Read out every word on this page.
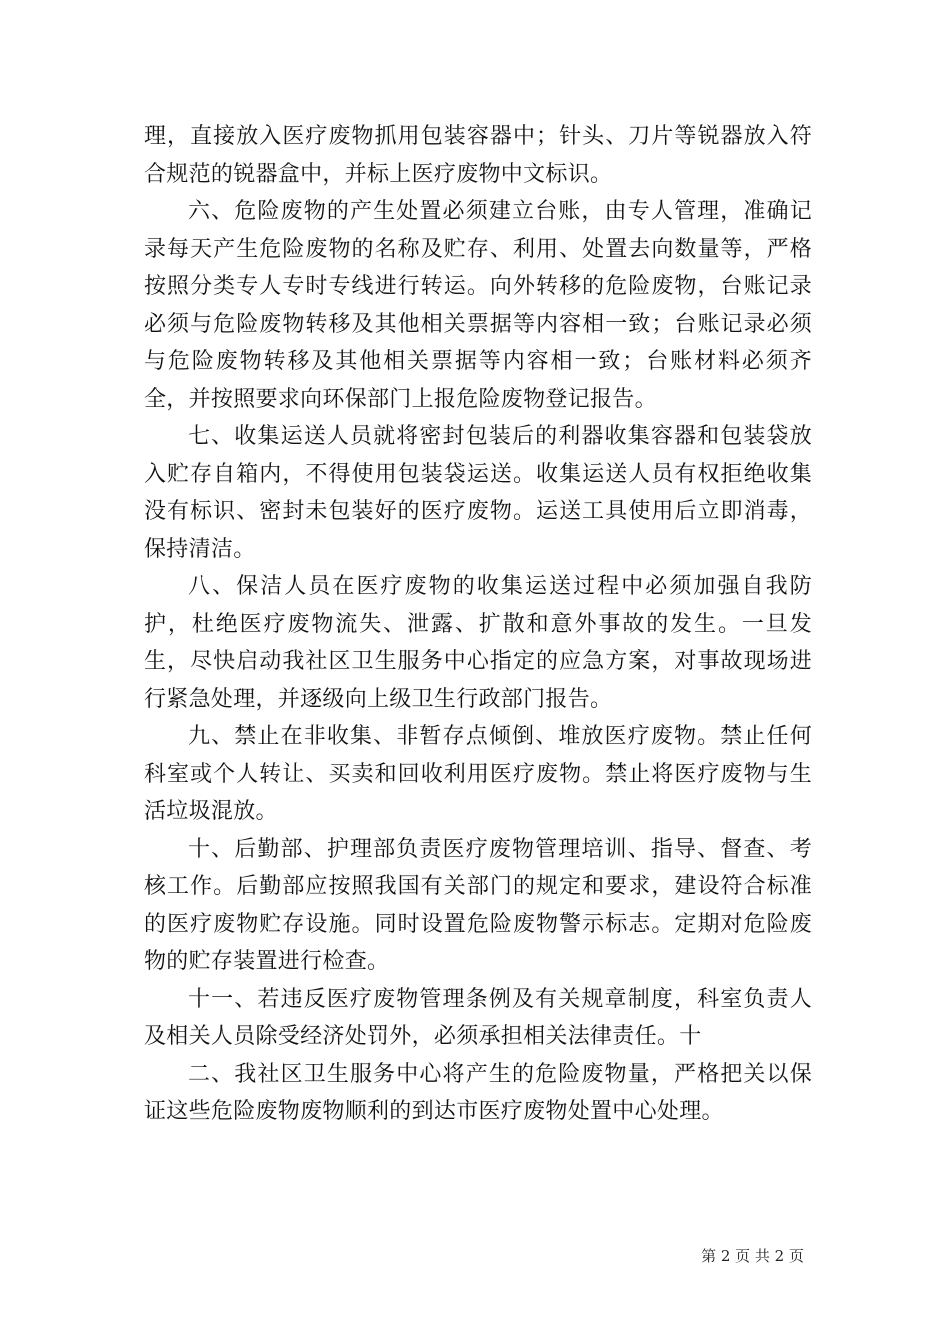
理，直接放入医疗废物抓用包装容器中；针头、刀片等锐器放入符合规范的锐器盒中，并标上医疗废物中文标识。

六、危险废物的产生处置必须建立台账，由专人管理，准确记录每天产生危险废物的名称及贮存、利用、处置去向数量等，严格按照分类专人专时专线进行转运。向外转移的危险废物，台账记录必须与危险废物转移及其他相关票据等内容相一致；台账记录必须与危险废物转移及其他相关票据等内容相一致；台账材料必须齐全，并按照要求向环保部门上报危险废物登记报告。

七、收集运送人员就将密封包装后的利器收集容器和包装袋放入贮存自箱内，不得使用包装袋运送。收集运送人员有权拒绝收集没有标识、密封未包装好的医疗废物。运送工具使用后立即消毒，保持清洁。

八、保洁人员在医疗废物的收集运送过程中必须加强自我防护，杜绝医疗废物流失、泄露、扩散和意外事故的发生。一旦发生，尽快启动我社区卫生服务中心指定的应急方案，对事故现场进行紧急处理，并逐级向上级卫生行政部门报告。

九、禁止在非收集、非暂存点倾倒、堆放医疗废物。禁止任何科室或个人转让、买卖和回收利用医疗废物。禁止将医疗废物与生活垃圾混放。

十、后勤部、护理部负责医疗废物管理培训、指导、督查、考核工作。后勤部应按照我国有关部门的规定和要求，建设符合标准的医疗废物贮存设施。同时设置危险废物警示标志。定期对危险废物的贮存装置进行检查。

十一、若违反医疗废物管理条例及有关规章制度，科室负责人及相关人员除受经济处罚外，必须承担相关法律责任。十

二、我社区卫生服务中心将产生的危险废物量，严格把关以保证这些危险废物废物顺利的到达市医疗废物处置中心处理。

第 2 页 共 2 页
